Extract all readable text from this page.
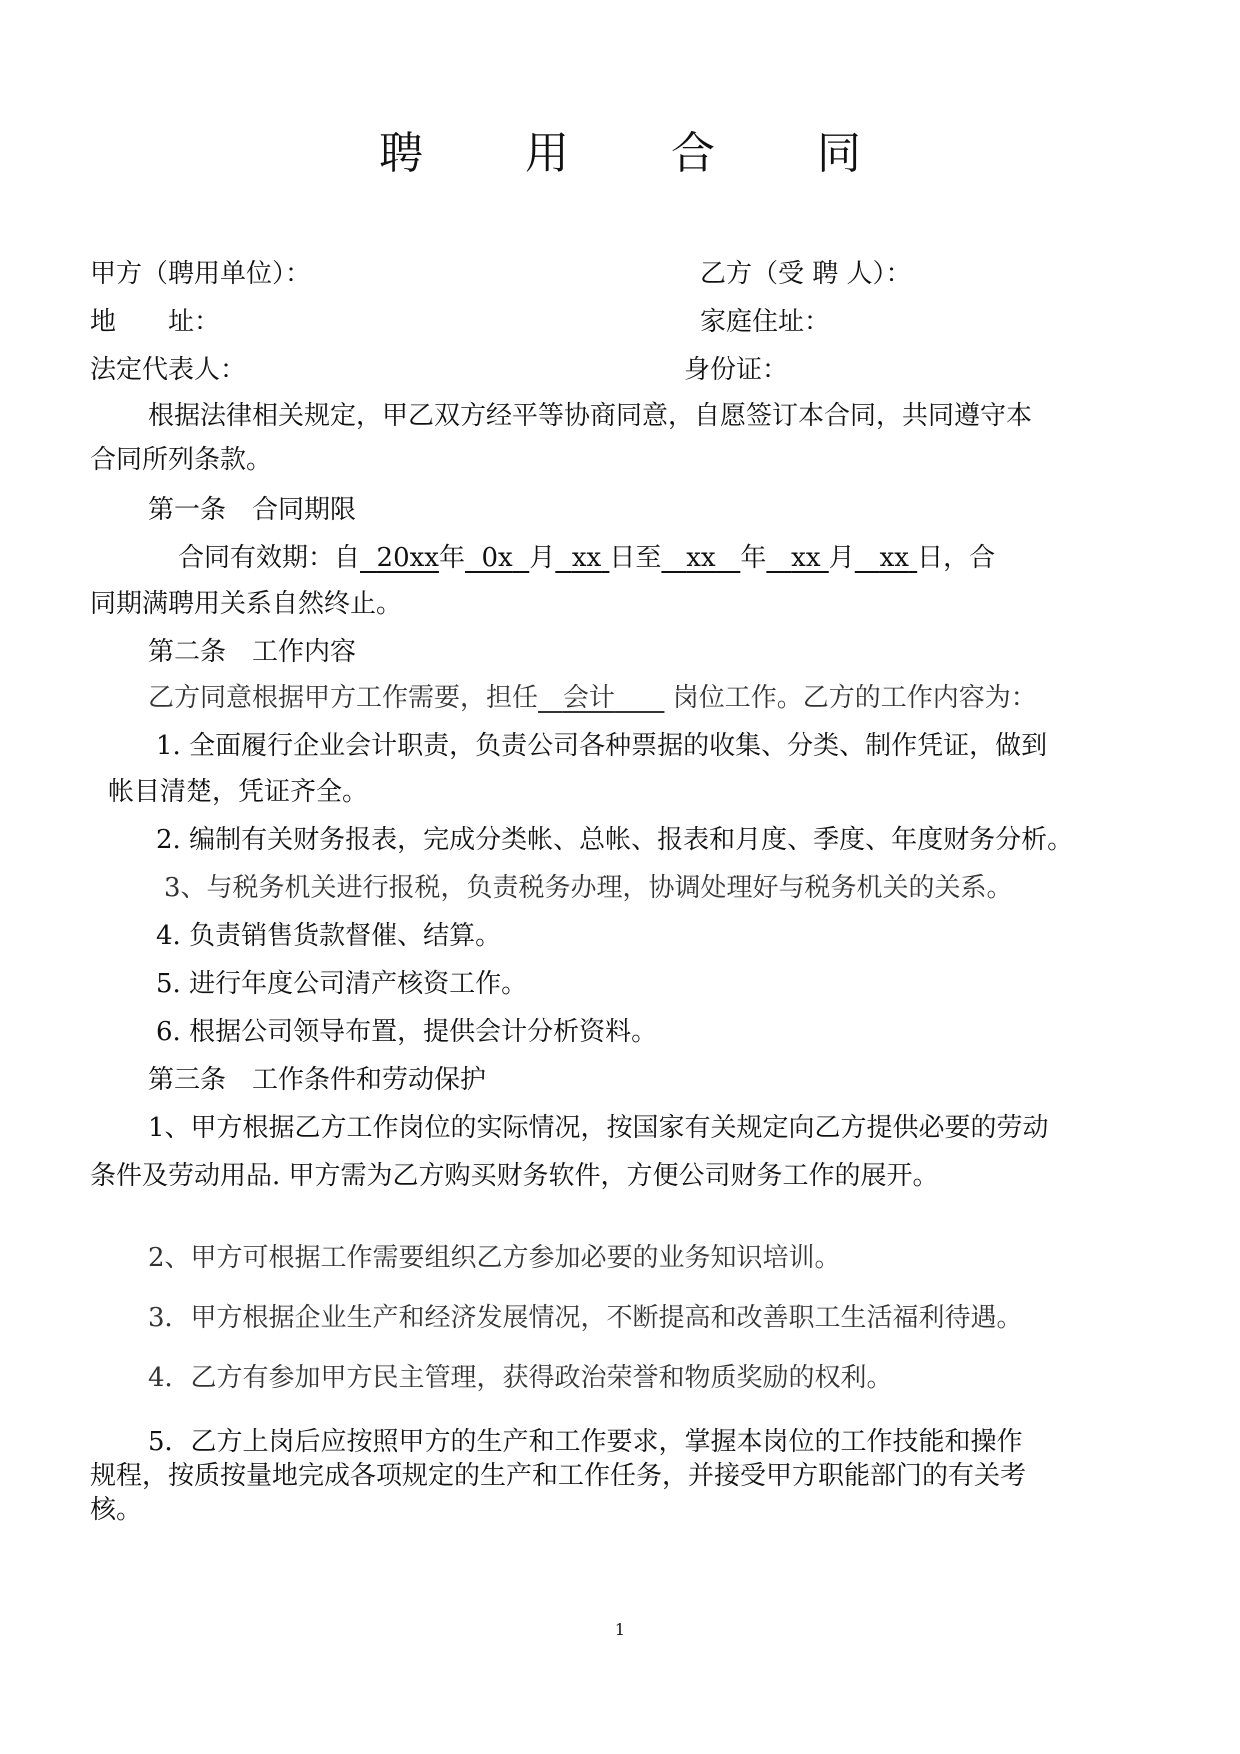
聘 用 合 同
甲方（聘用单位）：	乙方（受 聘 人）：
地　　址：	家庭住址：
法定代表人：	身份证：
根据法律相关规定，甲乙双方经平等协商同意，自愿签订本合同，共同遵守本
合同所列条款。
第一条　合同期限
合同有效期：自 20xx年 0x 月 xx 日至 xx 年 xx 月 xx 日，合
同期满聘用关系自然终止。
第二条　工作内容
乙方同意根据甲方工作需要，担任 会计 岗位工作。乙方的工作内容为：
1. 全面履行企业会计职责，负责公司各种票据的收集、分类、制作凭证，做到
帐目清楚，凭证齐全。
2. 编制有关财务报表，完成分类帐、总帐、报表和月度、季度、年度财务分析。
3、与税务机关进行报税，负责税务办理，协调处理好与税务机关的关系。
4. 负责销售货款督催、结算。
5. 进行年度公司清产核资工作。
6. 根据公司领导布置，提供会计分析资料。
第三条　工作条件和劳动保护
1、甲方根据乙方工作岗位的实际情况，按国家有关规定向乙方提供必要的劳动
条件及劳动用品. 甲方需为乙方购买财务软件，方便公司财务工作的展开。
2、甲方可根据工作需要组织乙方参加必要的业务知识培训。
3．甲方根据企业生产和经济发展情况，不断提高和改善职工生活福利待遇。
4．乙方有参加甲方民主管理，获得政治荣誉和物质奖励的权利。
5．乙方上岗后应按照甲方的生产和工作要求，掌握本岗位的工作技能和操作
规程，按质按量地完成各项规定的生产和工作任务，并接受甲方职能部门的有关考
核。
1
